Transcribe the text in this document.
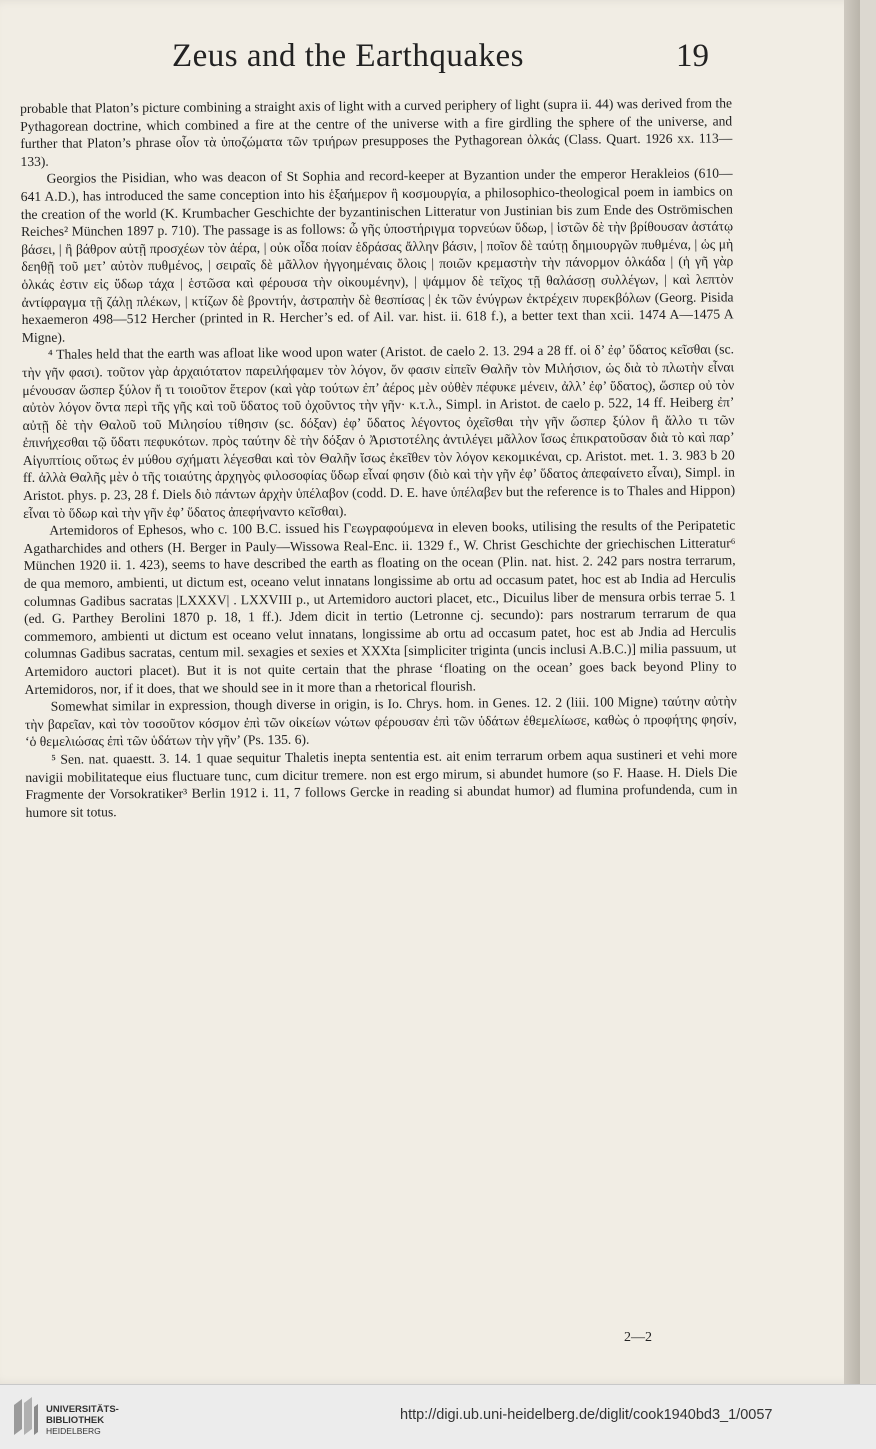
Zeus and the Earthquakes	19

probable that Platon’s picture combining a straight axis of light with a curved periphery of light (supra ii. 44) was derived from the Pythagorean doctrine, which combined a fire at the centre of the universe with a fire girdling the sphere of the universe, and further that Platon’s phrase οἷον τὰ ὑποζώματα τῶν τριήρων presupposes the Pythagorean ὁλκάς (Class. Quart. 1926 xx. 113—133).

Georgios the Pisidian, who was deacon of St Sophia and record-keeper at Byzantion under the emperor Herakleios (610—641 A.D.), has introduced the same conception into his ἑξαήμερον ἢ κοσμουργία, a philosophico-theological poem in iambics on the creation of the world (K. Krumbacher Geschichte der byzantinischen Litteratur von Justinian bis zum Ende des Oströmischen Reiches² München 1897 p. 710). The passage is as follows: ὦ γῆς ὑποστήριγμα τορνεύων ὕδωρ, | ἱστῶν δὲ τὴν βρίθουσαν ἀστάτῳ βάσει, | ἢ βάθρον αὐτῇ προσχέων τὸν ἀέρα, | οὐκ οἶδα ποίαν ἑδράσας ἄλλην βάσιν, | ποῖον δὲ ταύτῃ δημιουργῶν πυθμένα, | ὡς μὴ δεηθῇ τοῦ μετ’ αὐτὸν πυθμένος, | σειραῖς δὲ μᾶλλον ἠγγοημέναις ὅλοις | ποιῶν κρεμαστὴν τὴν πάνορμον ὁλκάδα | (ἡ γῆ γὰρ ὁλκάς ἐστιν εἰς ὕδωρ τάχα | ἑστῶσα καὶ φέρουσα τὴν οἰκουμένην), | ψάμμον δὲ τεῖχος τῇ θαλάσσῃ συλλέγων, | καὶ λεπτὸν ἀντίφραγμα τῇ ζάλῃ πλέκων, | κτίζων δὲ βροντήν, ἀστραπὴν δὲ θεσπίσας | ἐκ τῶν ἐνύγρων ἐκτρέχειν πυρεκβόλων (Georg. Pisida hexaemeron 498—512 Hercher (printed in R. Hercher’s ed. of Ail. var. hist. ii. 618 f.), a better text than xcii. 1474 A—1475 A Migne).

⁴ Thales held that the earth was afloat like wood upon water (Aristot. de caelo 2. 13. 294 a 28 ff. οἱ δ’ ἐφ’ ὕδατος κεῖσθαι (sc. τὴν γῆν φασι). τοῦτον γὰρ ἀρχαιότατον παρειλήφαμεν τὸν λόγον, ὅν φασιν εἰπεῖν Θαλῆν τὸν Μιλήσιον, ὡς διὰ τὸ πλωτὴν εἶναι μένουσαν ὥσπερ ξύλον ἤ τι τοιοῦτον ἕτερον (καὶ γὰρ τούτων ἐπ’ ἀέρος μὲν οὐθὲν πέφυκε μένειν, ἀλλ’ ἐφ’ ὕδατος), ὥσπερ οὐ τὸν αὐτὸν λόγον ὄντα περὶ τῆς γῆς καὶ τοῦ ὕδατος τοῦ ὀχοῦντος τὴν γῆν· κ.τ.λ., Simpl. in Aristot. de caelo p. 522, 14 ff. Heiberg ἐπ’ αὐτῇ δὲ τὴν Θαλοῦ τοῦ Μιλησίου τίθησιν (sc. δόξαν) ἐφ’ ὕδατος λέγοντος ὀχεῖσθαι τὴν γῆν ὥσπερ ξύλον ἢ ἄλλο τι τῶν ἐπινήχεσθαι τῷ ὕδατι πεφυκότων. πρὸς ταύτην δὲ τὴν δόξαν ὁ Ἀριστοτέλης ἀντιλέγει μᾶλλον ἴσως ἐπικρατοῦσαν διὰ τὸ καὶ παρ’ Αἰγυπτίοις οὕτως ἐν μύθου σχήματι λέγεσθαι καὶ τὸν Θαλῆν ἴσως ἐκεῖθεν τὸν λόγον κεκομικέναι, cp. Aristot. met. 1. 3. 983 b 20 ff. ἀλλὰ Θαλῆς μὲν ὁ τῆς τοιαύτης ἀρχηγὸς φιλοσοφίας ὕδωρ εἶναί φησιν (διὸ καὶ τὴν γῆν ἐφ’ ὕδατος ἀπεφαίνετο εἶναι), Simpl. in Aristot. phys. p. 23, 28 f. Diels διὸ πάντων ἀρχὴν ὑπέλαβον (codd. D. E. have ὑπέλαβεν but the reference is to Thales and Hippon) εἶναι τὸ ὕδωρ καὶ τὴν γῆν ἐφ’ ὕδατος ἀπεφήναντο κεῖσθαι).

Artemidoros of Ephesos, who c. 100 B.C. issued his Γεωγραφούμενα in eleven books, utilising the results of the Peripatetic Agatharchides and others (H. Berger in Pauly—Wissowa Real-Enc. ii. 1329 f., W. Christ Geschichte der griechischen Litteratur⁶ München 1920 ii. 1. 423), seems to have described the earth as floating on the ocean (Plin. nat. hist. 2. 242 pars nostra terrarum, de qua memoro, ambienti, ut dictum est, oceano velut innatans longissime ab ortu ad occasum patet, hoc est ab India ad Herculis columnas Gadibus sacratas |LXXXV| . LXXVIII p., ut Artemidoro auctori placet, etc., Dicuilus liber de mensura orbis terrae 5. 1 (ed. G. Parthey Berolini 1870 p. 18, 1 ff.). Jdem dicit in tertio (Letronne cj. secundo): pars nostrarum terrarum de qua commemoro, ambienti ut dictum est oceano velut innatans, longissime ab ortu ad occasum patet, hoc est ab Jndia ad Herculis columnas Gadibus sacratas, centum mil. sexagies et sexies et XXXta [simpliciter triginta (uncis inclusi A.B.C.)] milia passuum, ut Artemidoro auctori placet). But it is not quite certain that the phrase ‘floating on the ocean’ goes back beyond Pliny to Artemidoros, nor, if it does, that we should see in it more than a rhetorical flourish.

Somewhat similar in expression, though diverse in origin, is Io. Chrys. hom. in Genes. 12. 2 (liii. 100 Migne) ταύτην αὐτὴν τὴν βαρεῖαν, καὶ τὸν τοσοῦτον κόσμον ἐπὶ τῶν οἰκείων νώτων φέρουσαν ἐπὶ τῶν ὑδάτων ἐθεμελίωσε, καθὼς ὁ προφήτης φησίν, ‘ὁ θεμελιώσας ἐπὶ τῶν ὑδάτων τὴν γῆν’ (Ps. 135. 6).

⁵ Sen. nat. quaestt. 3. 14. 1 quae sequitur Thaletis inepta sententia est. ait enim terrarum orbem aqua sustineri et vehi more navigii mobilitateque eius fluctuare tunc, cum dicitur tremere. non est ergo mirum, si abundet humore (so F. Haase. H. Diels Die Fragmente der Vorsokratiker³ Berlin 1912 i. 11, 7 follows Gercke in reading si abundat humor) ad flumina profundenda, cum in humore sit totus.

2—2
UNIVERSITÄTS-
BIBLIOTHEK
HEIDELBERG
http://digi.ub.uni-heidelberg.de/diglit/cook1940bd3_1/0057
